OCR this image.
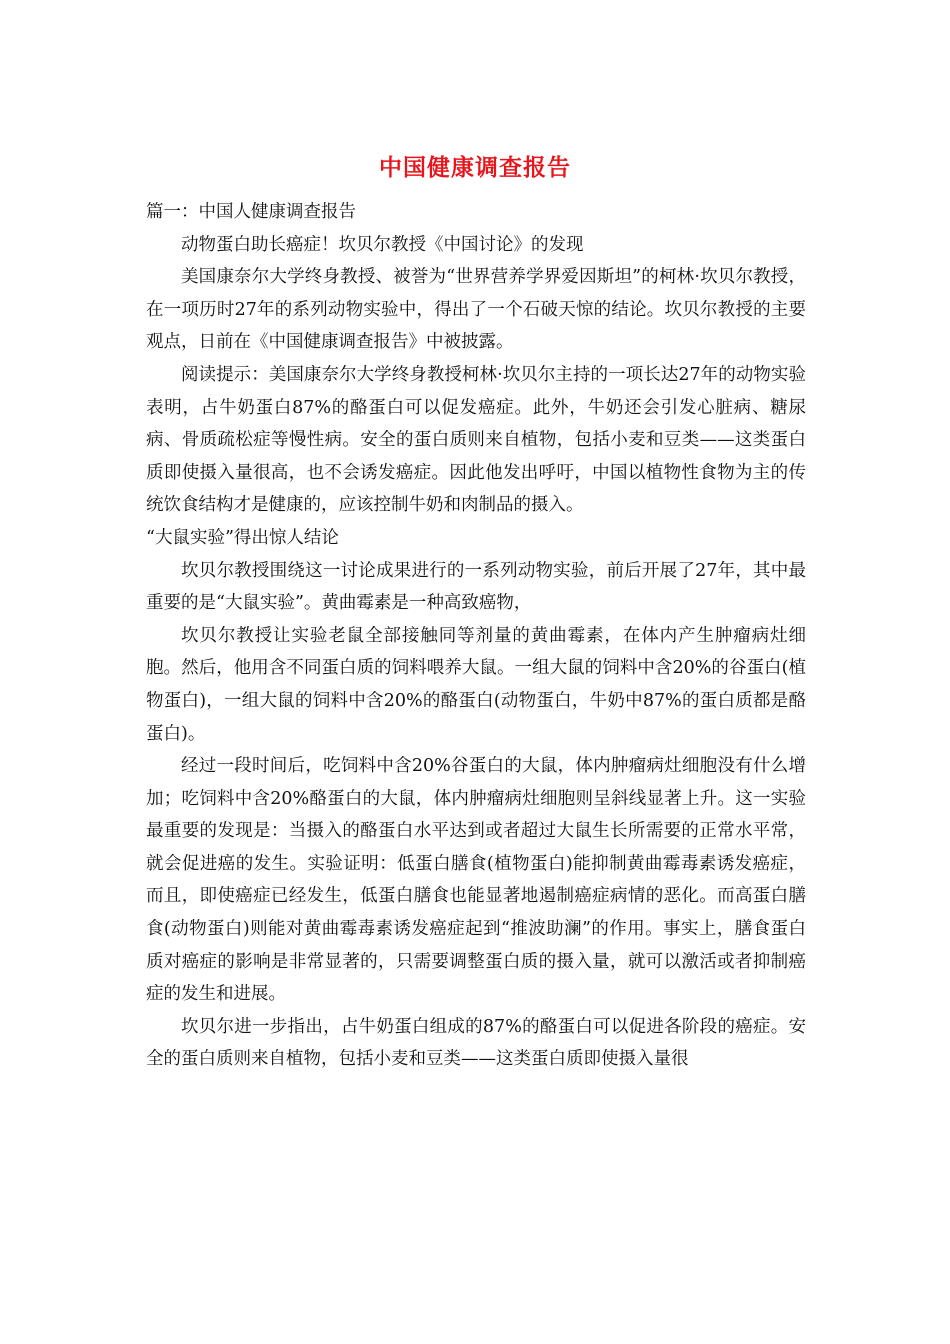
中国健康调查报告

篇一：中国人健康调查报告

动物蛋白助长癌症！坎贝尔教授《中国讨论》的发现

美国康奈尔大学终身教授、被誉为“世界营养学界爱因斯坦”的柯林·坎贝尔教授，在一项历时27年的系列动物实验中，得出了一个石破天惊的结论。坎贝尔教授的主要观点，日前在《中国健康调查报告》中被披露。

阅读提示：美国康奈尔大学终身教授柯林·坎贝尔主持的一项长达27年的动物实验表明，占牛奶蛋白87%的酪蛋白可以促发癌症。此外，牛奶还会引发心脏病、糖尿病、骨质疏松症等慢性病。安全的蛋白质则来自植物，包括小麦和豆类——这类蛋白质即使摄入量很高，也不会诱发癌症。因此他发出呼吁，中国以植物性食物为主的传统饮食结构才是健康的，应该控制牛奶和肉制品的摄入。

“大鼠实验”得出惊人结论

坎贝尔教授围绕这一讨论成果进行的一系列动物实验，前后开展了27年，其中最重要的是“大鼠实验”。黄曲霉素是一种高致癌物，

坎贝尔教授让实验老鼠全部接触同等剂量的黄曲霉素，在体内产生肿瘤病灶细胞。然后，他用含不同蛋白质的饲料喂养大鼠。一组大鼠的饲料中含20%的谷蛋白(植物蛋白)，一组大鼠的饲料中含20%的酪蛋白(动物蛋白，牛奶中87%的蛋白质都是酪蛋白)。

经过一段时间后，吃饲料中含20%谷蛋白的大鼠，体内肿瘤病灶细胞没有什么增加；吃饲料中含20%酪蛋白的大鼠，体内肿瘤病灶细胞则呈斜线显著上升。这一实验最重要的发现是：当摄入的酪蛋白水平达到或者超过大鼠生长所需要的正常水平常，就会促进癌的发生。实验证明：低蛋白膳食(植物蛋白)能抑制黄曲霉毒素诱发癌症，而且，即使癌症已经发生，低蛋白膳食也能显著地遏制癌症病情的恶化。而高蛋白膳食(动物蛋白)则能对黄曲霉毒素诱发癌症起到“推波助澜”的作用。事实上，膳食蛋白质对癌症的影响是非常显著的，只需要调整蛋白质的摄入量，就可以激活或者抑制癌症的发生和进展。

坎贝尔进一步指出，占牛奶蛋白组成的87%的酪蛋白可以促进各阶段的癌症。安全的蛋白质则来自植物，包括小麦和豆类——这类蛋白质即使摄入量很
